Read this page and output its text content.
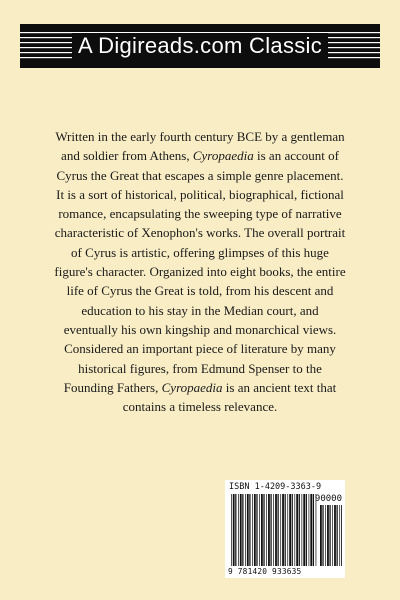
A Digireads.com Classic

Written in the early fourth century BCE by a gentleman and soldier from Athens, Cyropaedia is an account of Cyrus the Great that escapes a simple genre placement. It is a sort of historical, political, biographical, fictional romance, encapsulating the sweeping type of narrative characteristic of Xenophon's works. The overall portrait of Cyrus is artistic, offering glimpses of this huge figure's character. Organized into eight books, the entire life of Cyrus the Great is told, from his descent and education to his stay in the Median court, and eventually his own kingship and monarchical views. Considered an important piece of literature by many historical figures, from Edmund Spenser to the Founding Fathers, Cyropaedia is an ancient text that contains a timeless relevance.

ISBN 1-4209-3363-9
90000
9 781420 933635
